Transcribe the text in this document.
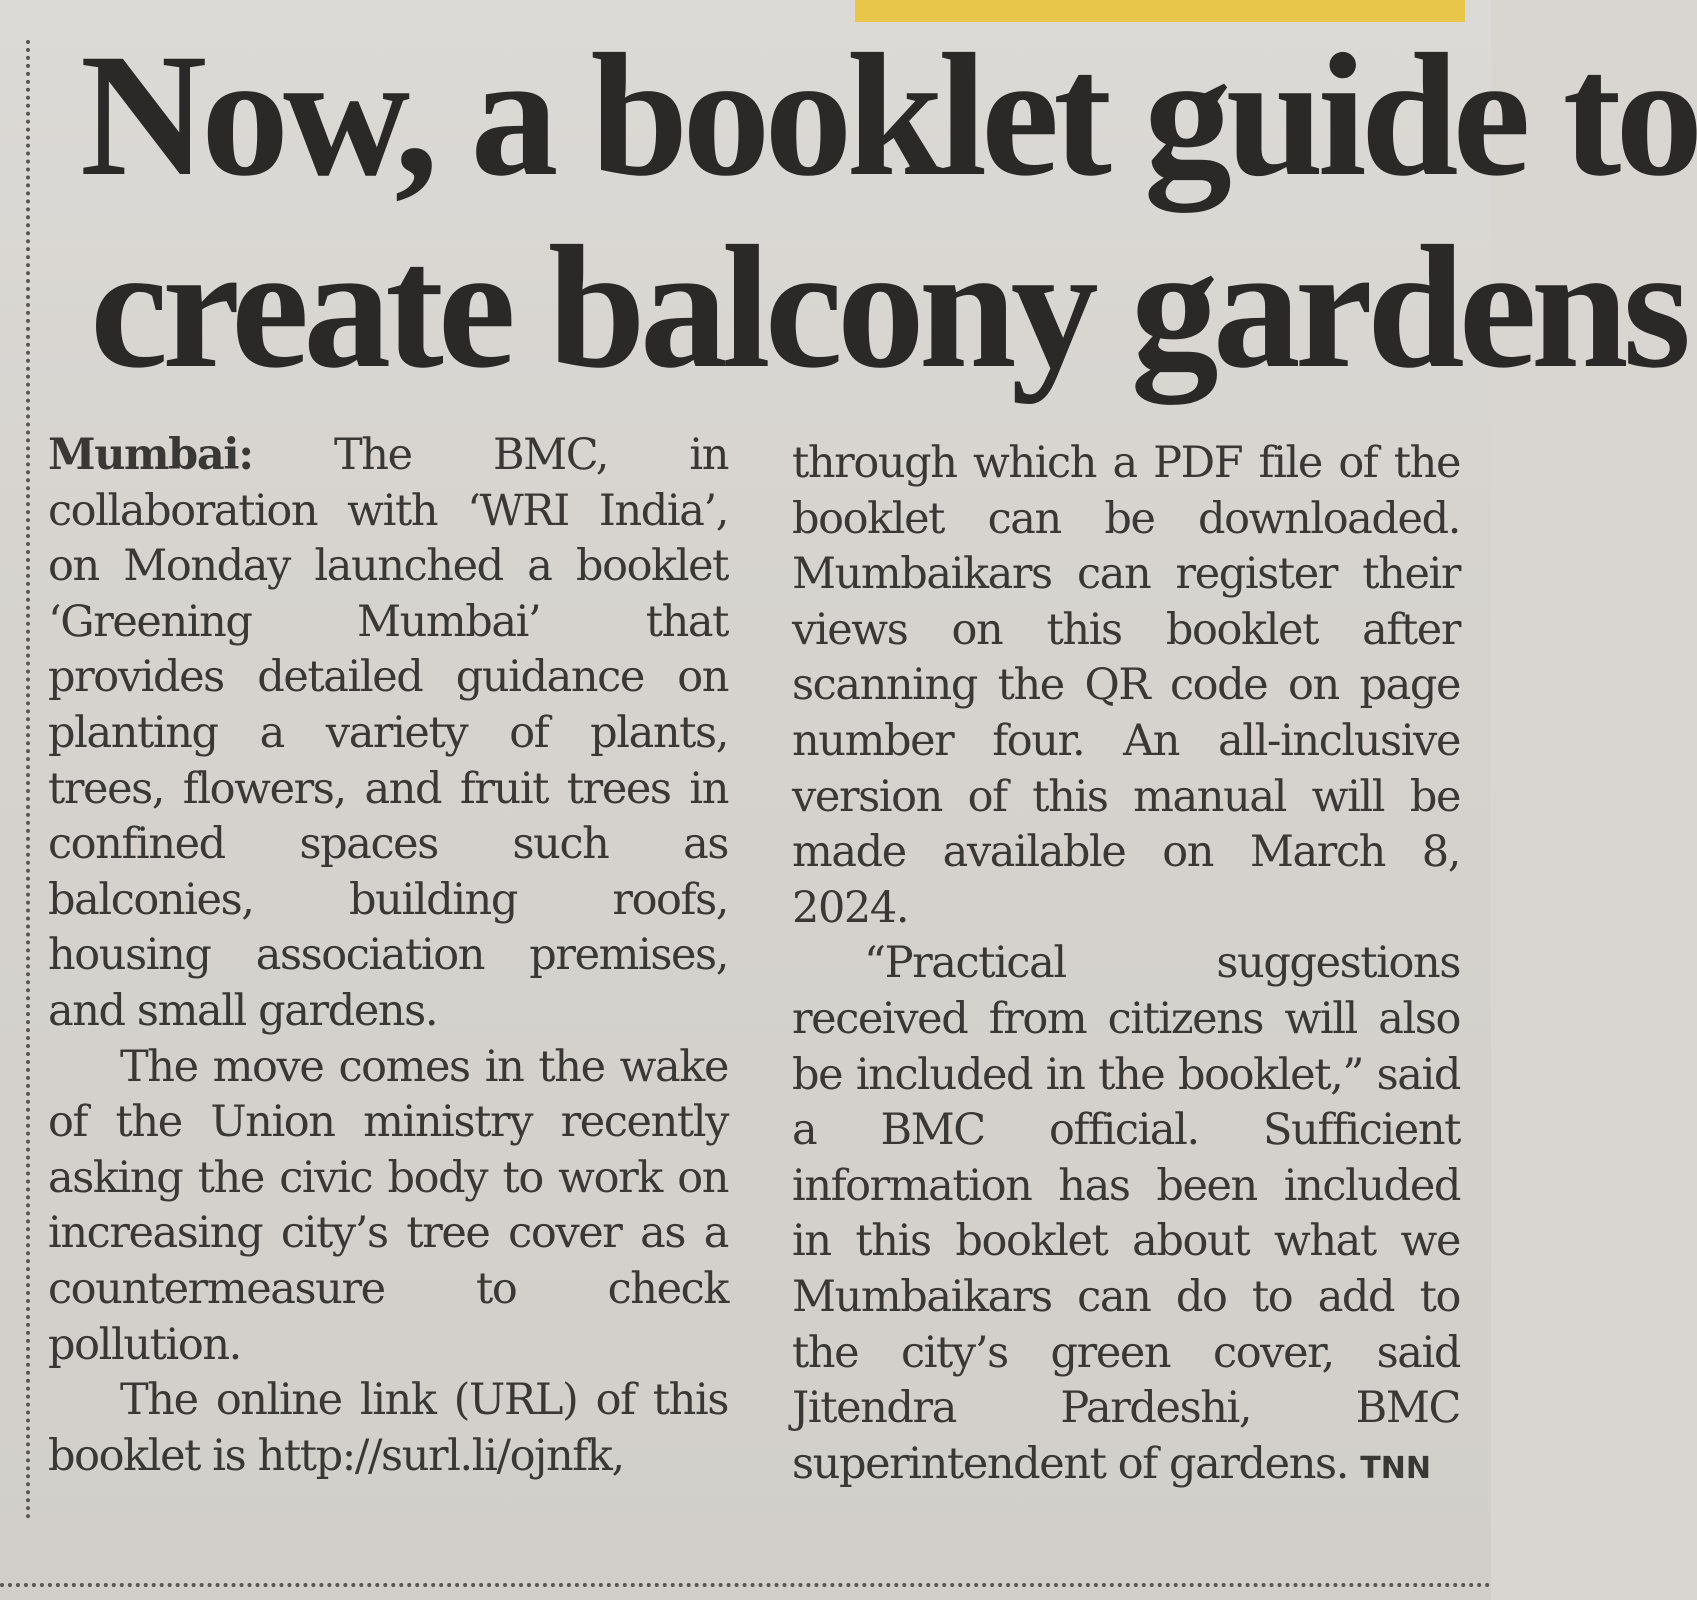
Now, a booklet guide to
create balcony gardens

Mumbai: The BMC, in collaboration with ‘WRI India’, on Monday launched a booklet ‘Greening Mumbai’ that provides detailed guidance on planting a variety of plants, trees, flowers, and fruit trees in confined spaces such as balconies, building roofs, housing association premises, and small gardens.

The move comes in the wake of the Union ministry recently asking the civic body to work on increasing city’s tree cover as a countermeasure to check pollution.

The online link (URL) of this booklet is http://surl.li/ojnfk,

through which a PDF file of the booklet can be downloaded. Mumbaikars can register their views on this booklet after scanning the QR code on page number four. An all-inclusive version of this manual will be made available on March 8, 2024.

“Practical suggestions received from citizens will also be included in the booklet,” said a BMC official. Sufficient information has been included in this booklet about what we Mumbaikars can do to add to the city’s green cover, said Jitendra Pardeshi, BMC superintendent of gardens. TNN
